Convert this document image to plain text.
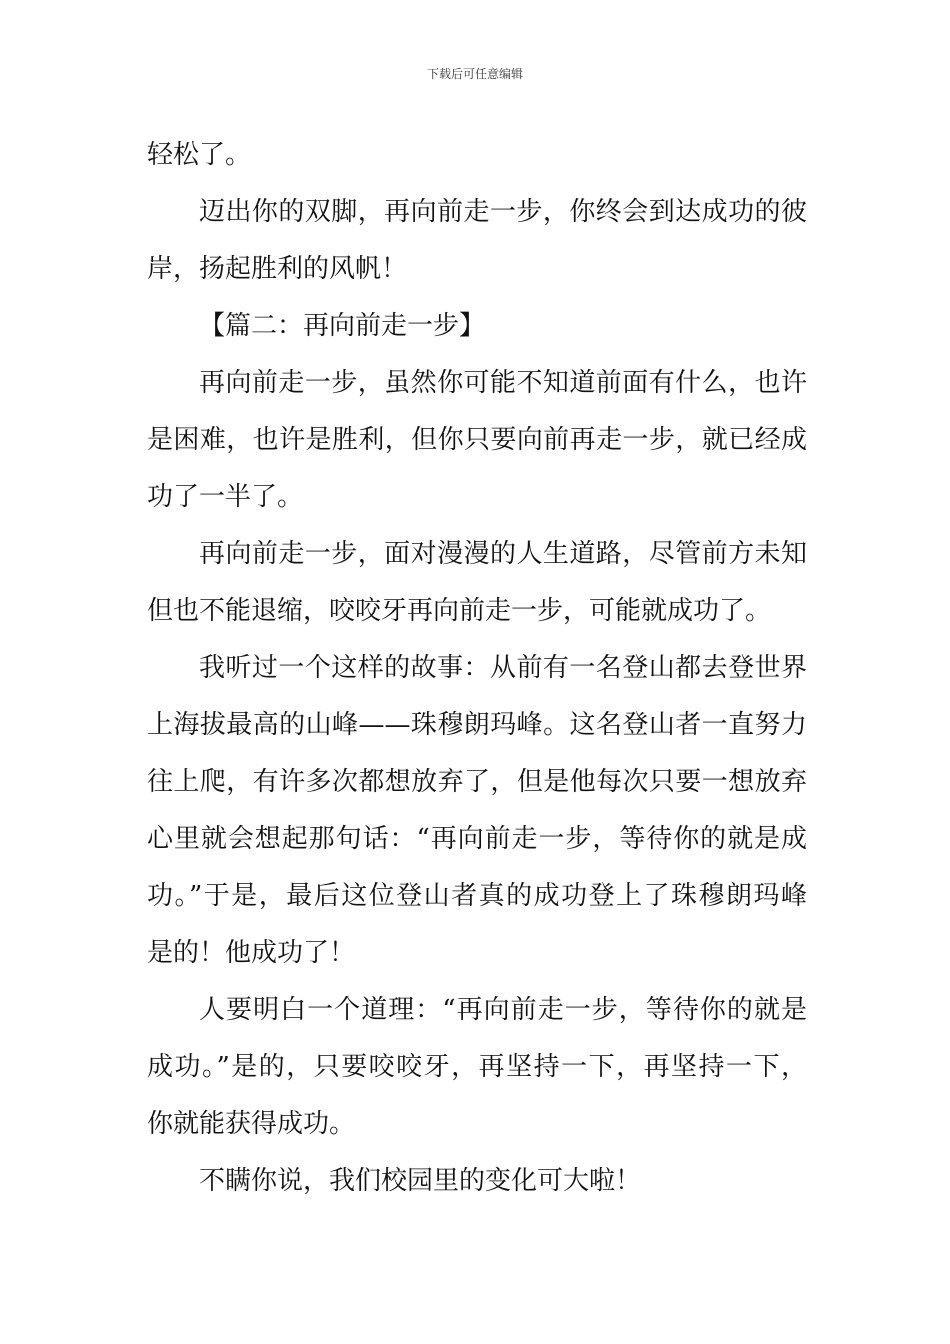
下载后可任意编辑
轻松了。
迈出你的双脚，再向前走一步，你终会到达成功的彼
岸，扬起胜利的风帆！
【篇二：再向前走一步】
再向前走一步，虽然你可能不知道前面有什么，也许
是困难，也许是胜利，但你只要向前再走一步，就已经成
功了一半了。
再向前走一步，面对漫漫的人生道路，尽管前方未知
但也不能退缩，咬咬牙再向前走一步，可能就成功了。
我听过一个这样的故事：从前有一名登山都去登世界
上海拔最高的山峰——珠穆朗玛峰。这名登山者一直努力
往上爬，有许多次都想放弃了，但是他每次只要一想放弃
心里就会想起那句话：“再向前走一步，等待你的就是成
功。”于是，最后这位登山者真的成功登上了珠穆朗玛峰
是的！他成功了！
人要明白一个道理：“再向前走一步，等待你的就是
成功。”是的，只要咬咬牙，再坚持一下，再坚持一下，
你就能获得成功。
不瞒你说，我们校园里的变化可大啦！
